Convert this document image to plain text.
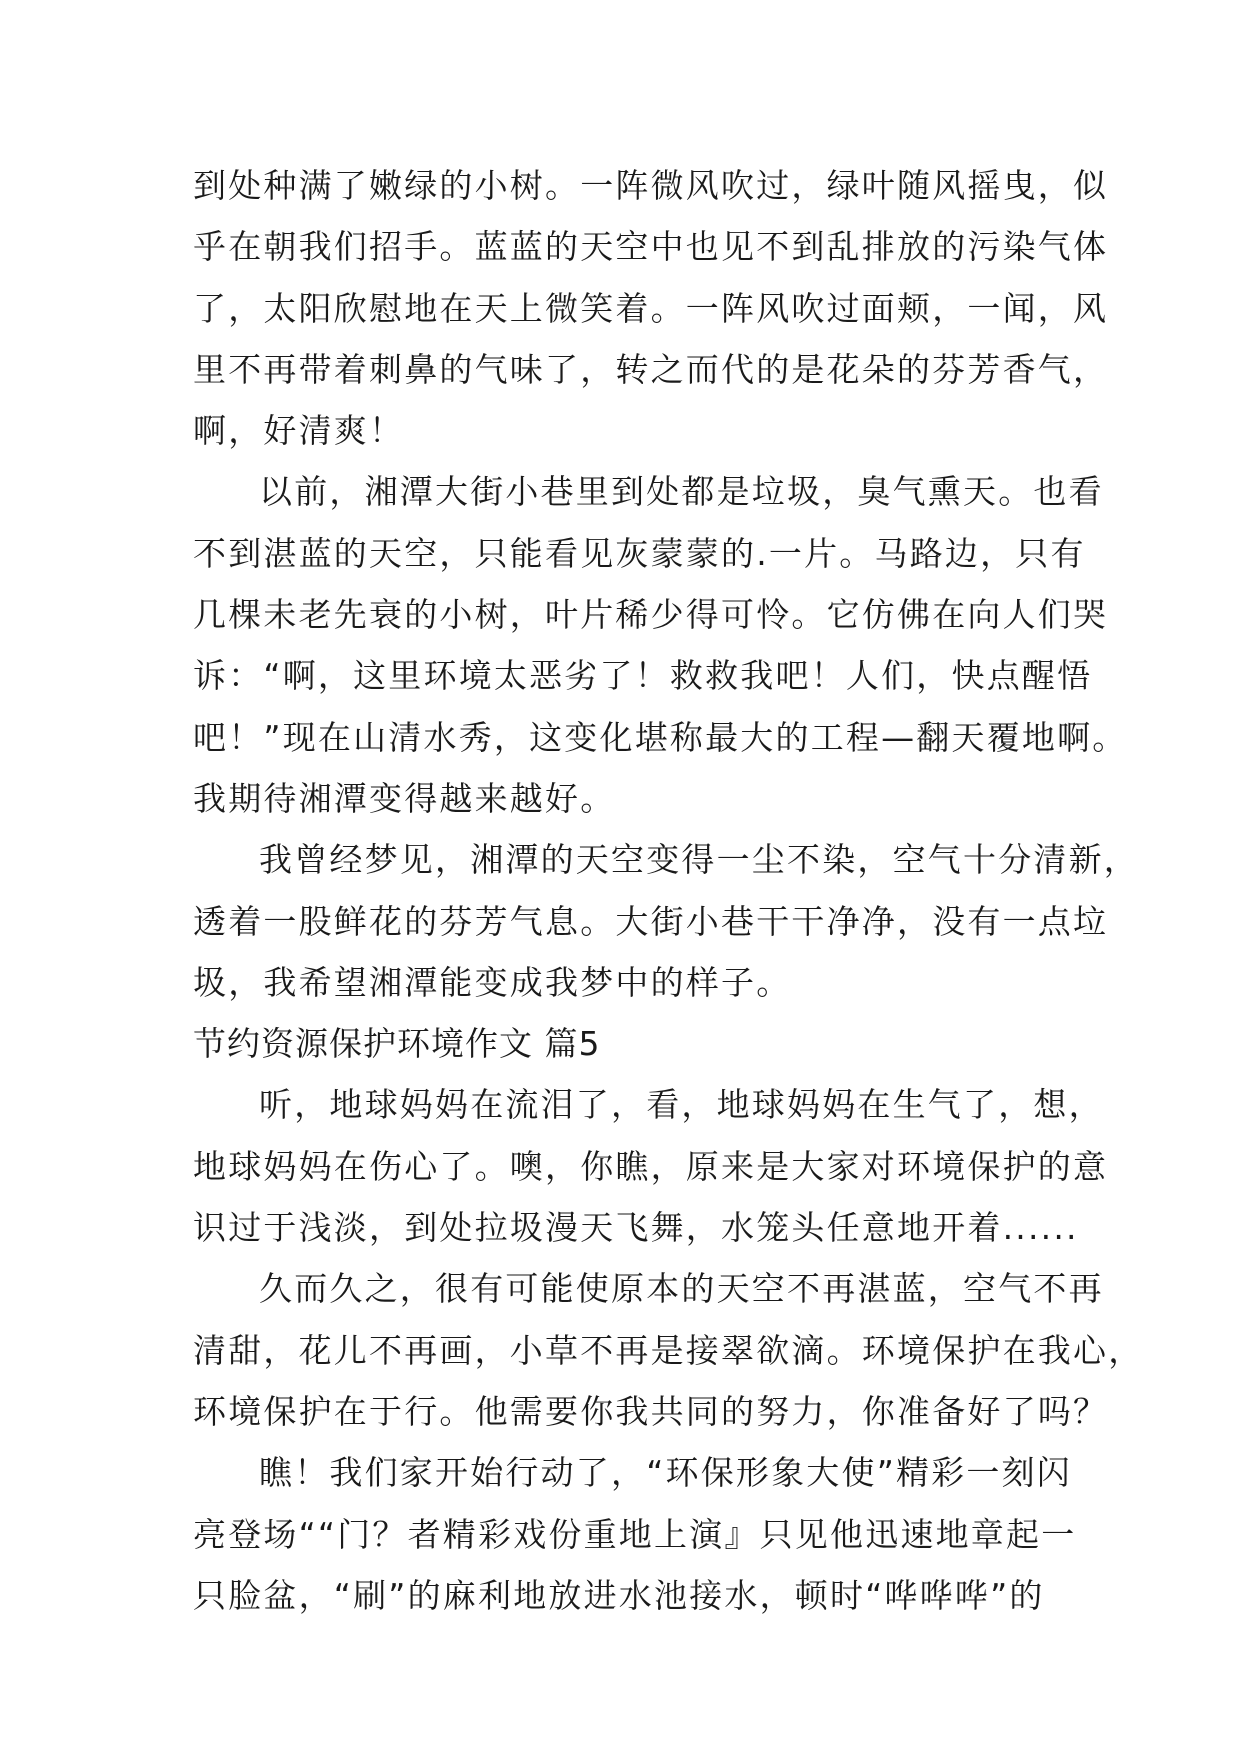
到处种满了嫩绿的小树。一阵微风吹过，绿叶随风摇曳，似
乎在朝我们招手。蓝蓝的天空中也见不到乱排放的污染气体
了，太阳欣慰地在天上微笑着。一阵风吹过面颊，一闻，风
里不再带着刺鼻的气味了，转之而代的是花朵的芬芳香气，
啊，好清爽！
以前，湘潭大街小巷里到处都是垃圾，臭气熏天。也看
不到湛蓝的天空，只能看见灰蒙蒙的.一片。马路边，只有
几棵未老先衰的小树，叶片稀少得可怜。它仿佛在向人们哭
诉：“啊，这里环境太恶劣了！救救我吧！人们，快点醒悟
吧！”现在山清水秀，这变化堪称最大的工程—翻天覆地啊。
我期待湘潭变得越来越好。
我曾经梦见，湘潭的天空变得一尘不染，空气十分清新，
透着一股鲜花的芬芳气息。大街小巷干干净净，没有一点垃
圾，我希望湘潭能变成我梦中的样子。
节约资源保护环境作文 篇5
听，地球妈妈在流泪了，看，地球妈妈在生气了，想，
地球妈妈在伤心了。噢，你瞧，原来是大家对环境保护的意
识过于浅淡，到处拉圾漫天飞舞，水笼头任意地开着......
久而久之，很有可能使原本的天空不再湛蓝，空气不再
清甜，花儿不再画，小草不再是接翠欲滴。环境保护在我心，
环境保护在于行。他需要你我共同的努力，你准备好了吗？
瞧！我们家开始行动了，“环保形象大使”精彩一刻闪
亮登场““门？者精彩戏份重地上演』只见他迅速地章起一
只脸盆，“刷”的麻利地放进水池接水，顿时“哗哗哗”的
